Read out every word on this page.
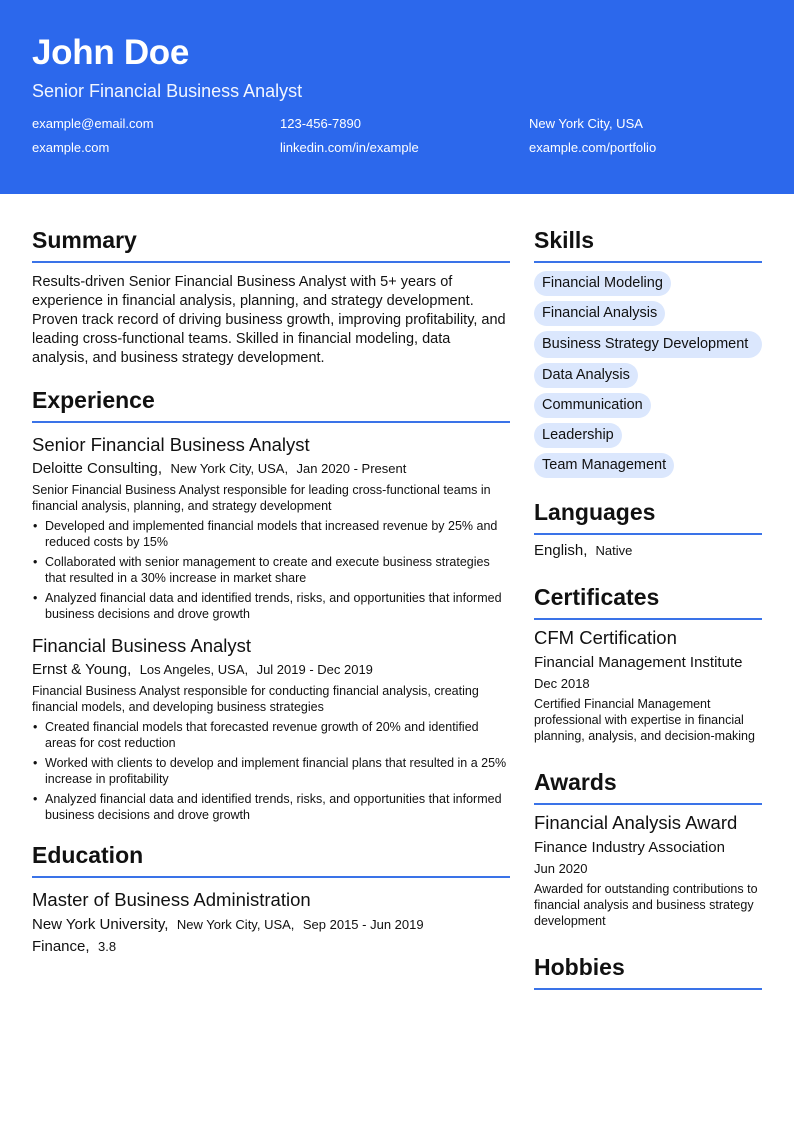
John Doe
Senior Financial Business Analyst
example@email.com	123-456-7890	New York City, USA
example.com	linkedin.com/in/example	example.com/portfolio
Summary
Results-driven Senior Financial Business Analyst with 5+ years of experience in financial analysis, planning, and strategy development. Proven track record of driving business growth, improving profitability, and leading cross-functional teams. Skilled in financial modeling, data analysis, and business strategy development.
Experience
Senior Financial Business Analyst
Deloitte Consulting, New York City, USA, Jan 2020 - Present
Senior Financial Business Analyst responsible for leading cross-functional teams in financial analysis, planning, and strategy development
• Developed and implemented financial models that increased revenue by 25% and reduced costs by 15%
• Collaborated with senior management to create and execute business strategies that resulted in a 30% increase in market share
• Analyzed financial data and identified trends, risks, and opportunities that informed business decisions and drove growth
Financial Business Analyst
Ernst & Young, Los Angeles, USA, Jul 2019 - Dec 2019
Financial Business Analyst responsible for conducting financial analysis, creating financial models, and developing business strategies
• Created financial models that forecasted revenue growth of 20% and identified areas for cost reduction
• Worked with clients to develop and implement financial plans that resulted in a 25% increase in profitability
• Analyzed financial data and identified trends, risks, and opportunities that informed business decisions and drove growth
Education
Master of Business Administration
New York University, New York City, USA, Sep 2015 - Jun 2019
Finance, 3.8
Skills
Financial Modeling
Financial Analysis
Business Strategy Development
Data Analysis
Communication
Leadership
Team Management
Languages
English, Native
Certificates
CFM Certification
Financial Management Institute
Dec 2018
Certified Financial Management professional with expertise in financial planning, analysis, and decision-making
Awards
Financial Analysis Award
Finance Industry Association
Jun 2020
Awarded for outstanding contributions to financial analysis and business strategy development
Hobbies
